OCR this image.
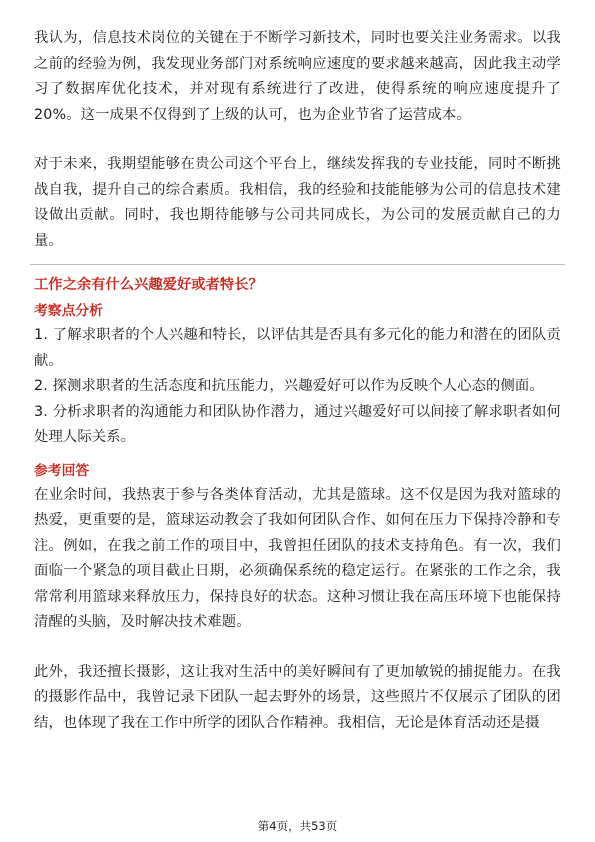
我认为，信息技术岗位的关键在于不断学习新技术，同时也要关注业务需求。以我之前的经验为例，我发现业务部门对系统响应速度的要求越来越高，因此我主动学习了数据库优化技术，并对现有系统进行了改进，使得系统的响应速度提升了20%。这一成果不仅得到了上级的认可，也为企业节省了运营成本。

对于未来，我期望能够在贵公司这个平台上，继续发挥我的专业技能，同时不断挑战自我，提升自己的综合素质。我相信，我的经验和技能能够为公司的信息技术建设做出贡献。同时，我也期待能够与公司共同成长，为公司的发展贡献自己的力量。

工作之余有什么兴趣爱好或者特长？

考察点分析

1. 了解求职者的个人兴趣和特长，以评估其是否具有多元化的能力和潜在的团队贡献。
2. 探测求职者的生活态度和抗压能力，兴趣爱好可以作为反映个人心态的侧面。
3. 分析求职者的沟通能力和团队协作潜力，通过兴趣爱好可以间接了解求职者如何处理人际关系。

参考回答

在业余时间，我热衷于参与各类体育活动，尤其是篮球。这不仅是因为我对篮球的热爱，更重要的是，篮球运动教会了我如何团队合作、如何在压力下保持冷静和专注。例如，在我之前工作的项目中，我曾担任团队的技术支持角色。有一次，我们面临一个紧急的项目截止日期，必须确保系统的稳定运行。在紧张的工作之余，我常常利用篮球来释放压力，保持良好的状态。这种习惯让我在高压环境下也能保持清醒的头脑，及时解决技术难题。

此外，我还擅长摄影，这让我对生活中的美好瞬间有了更加敏锐的捕捉能力。在我的摄影作品中，我曾记录下团队一起去野外的场景，这些照片不仅展示了团队的团结，也体现了我在工作中所学的团队合作精神。我相信，无论是体育活动还是摄

第4页，共53页
